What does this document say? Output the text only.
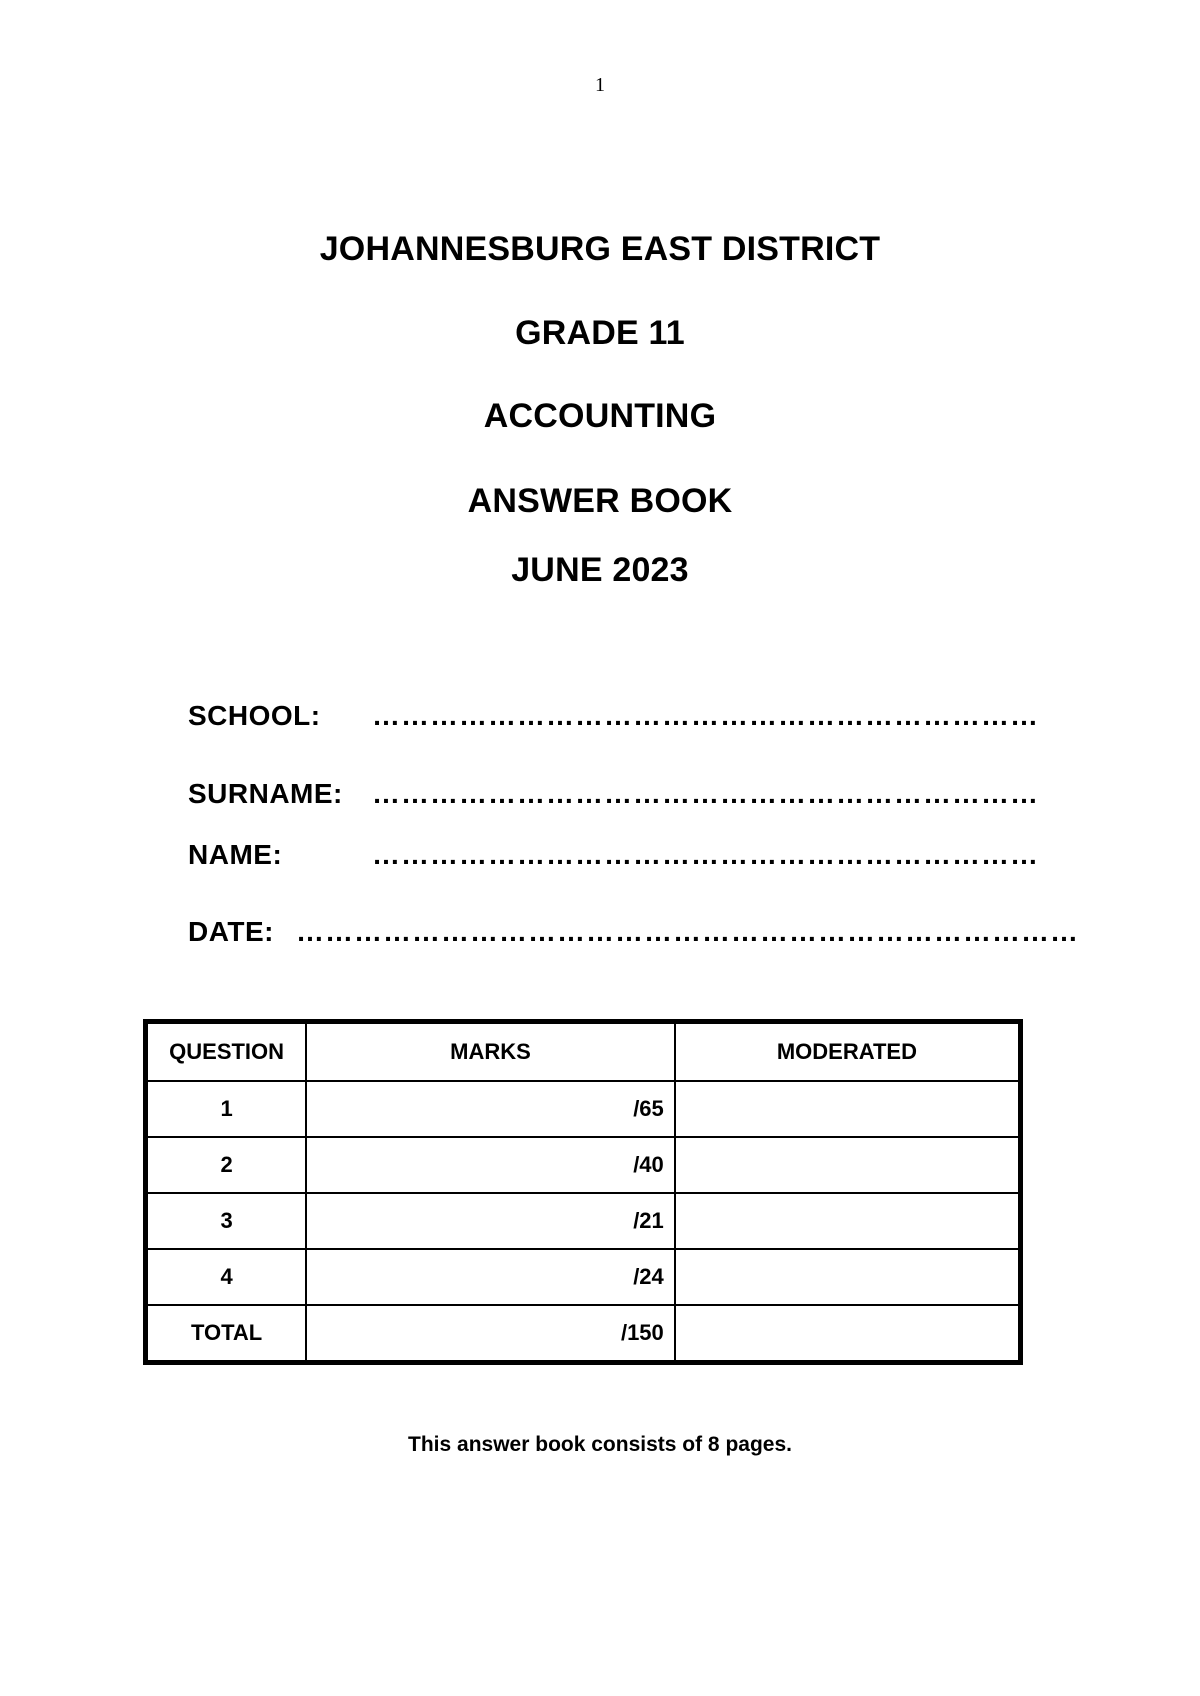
1
JOHANNESBURG EAST DISTRICT
GRADE 11
ACCOUNTING
ANSWER BOOK
JUNE 2023
SCHOOL: ……………………………………………………………
SURNAME: ……………………………………………………………
NAME:	……………………………………………………………
DATE: ………………………………………………………………………
QUESTION	MARKS	MODERATED
1	/65	
2	/40	
3	/21	
4	/24	
TOTAL	/150	
This answer book consists of 8 pages.
